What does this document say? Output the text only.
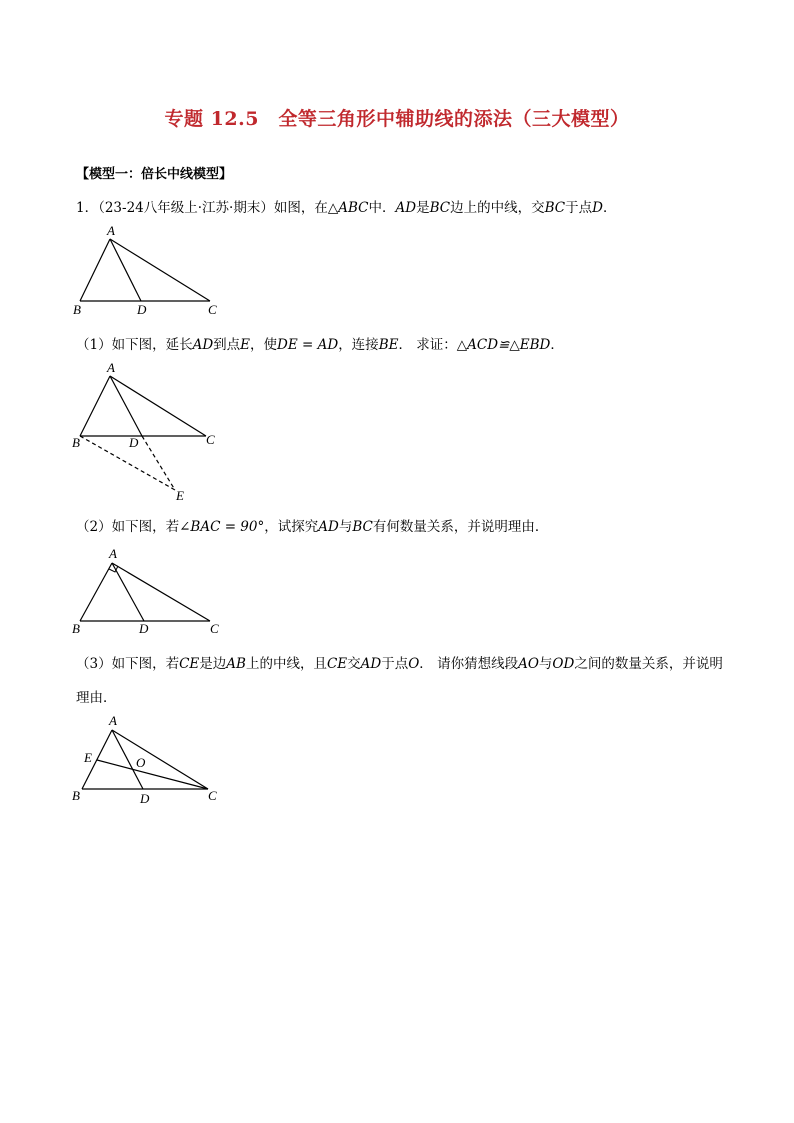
专题 12.5　全等三角形中辅助线的添法（三大模型）
【模型一：倍长中线模型】
1．（23-24八年级上·江苏·期末）如图，在△ABC中．AD是BC边上的中线，交BC于点D．
A
B	D	C
（1）如下图，延长AD到点E，使DE = AD，连接BE． 求证：△ACD≌△EBD．
A
B	D	C
E
（2）如下图，若∠BAC = 90°，试探究AD与BC有何数量关系，并说明理由．
A
B	D	C
（3）如下图，若CE是边AB上的中线，且CE交AD于点O． 请你猜想线段AO与OD之间的数量关系，并说明
理由．
A
E	O
B	D	C
